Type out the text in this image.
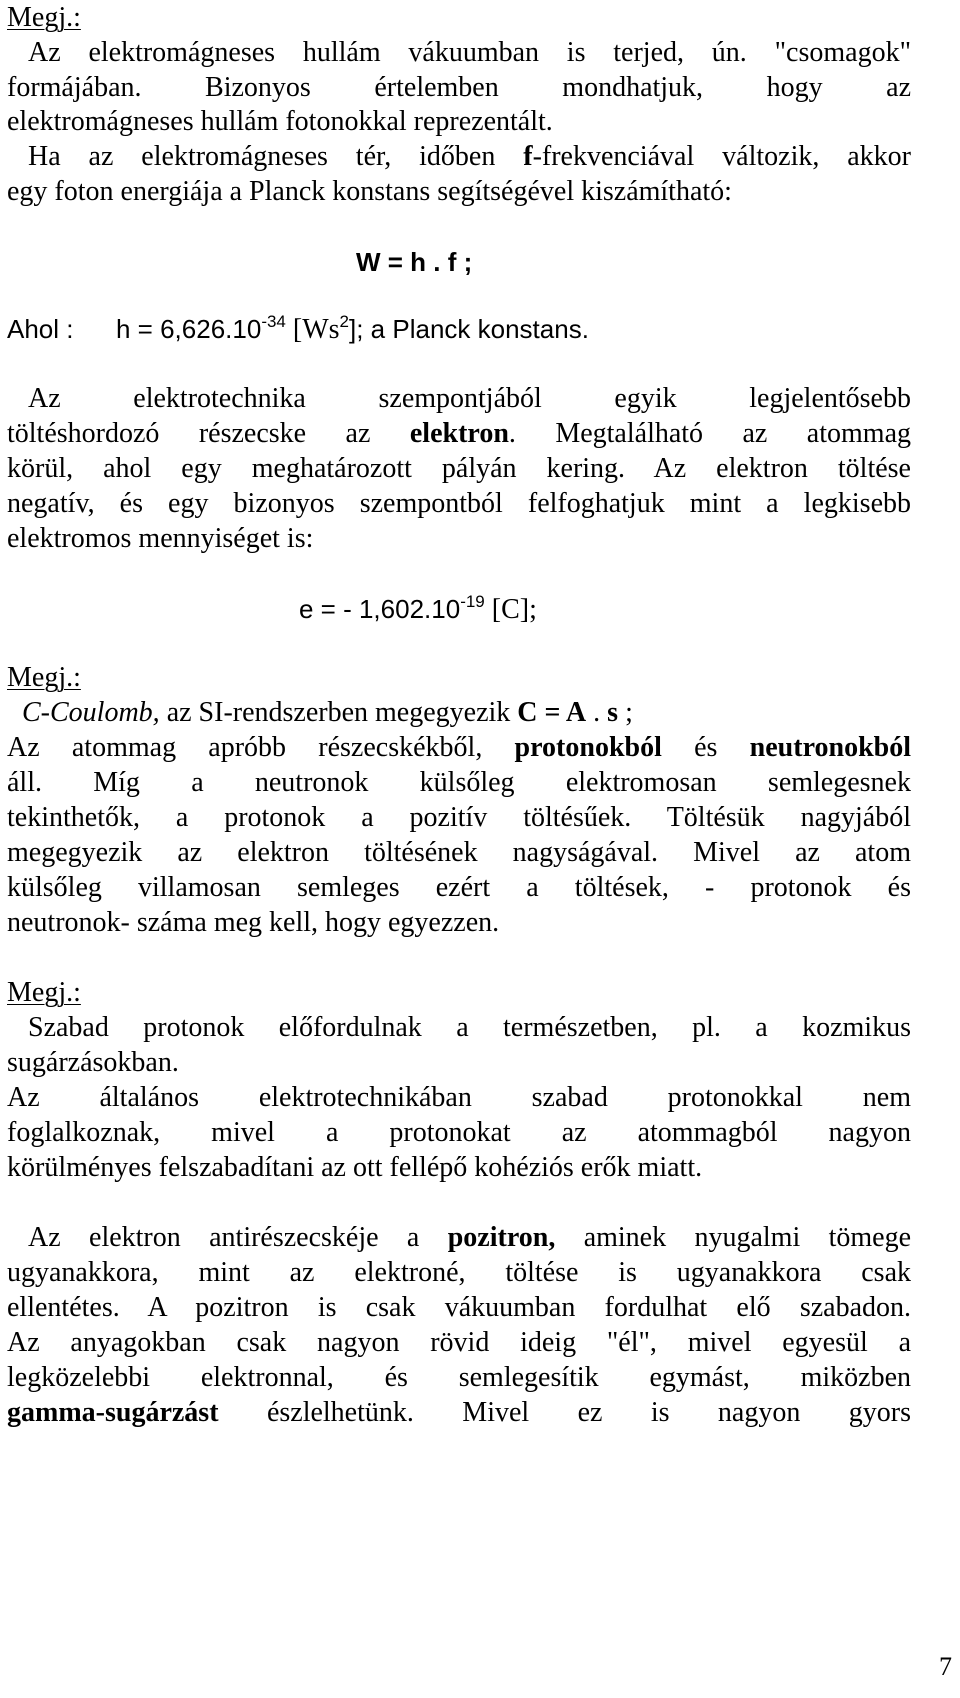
Megj.:
Az elektromágneses hullám vákuumban is terjed, ún. "csomagok"
formájában. Bizonyos értelemben mondhatjuk, hogy az
elektromágneses hullám fotonokkal reprezentált.
Ha az elektromágneses tér, időben f-frekvenciával változik, akkor
egy foton energiája a Planck konstans segítségével kiszámítható:
W = h . f ;
Ahol : $h = 6,626.10^{-34}$ [Ws$^2$]; a Planck konstans.
Az elektrotechnika szempontjából egyik legjelentősebb
töltéshordozó részecske az elektron. Megtalálható az atommag
körül, ahol egy meghatározott pályán kering. Az elektron töltése
negatív, és egy bizonyos szempontból felfoghatjuk mint a legkisebb
elektromos mennyiséget is:
e = - $1,602.10^{-19}$ [C];
Megj.:
C-Coulomb, az SI-rendszerben megegyezik C = A . s ;
Az atommag apróbb részecskékből, protonokból és neutronokból
áll. Míg a neutronok külsőleg elektromosan semlegesnek
tekinthetők, a protonok a pozitív töltésűek. Töltésük nagyjából
megegyezik az elektron töltésének nagyságával. Mivel az atom
külsőleg villamosan semleges ezért a töltések, - protonok és
neutronok- száma meg kell, hogy egyezzen.
Megj.:
Szabad protonok előfordulnak a természetben, pl. a kozmikus
sugárzásokban.
Az általános elektrotechnikában szabad protonokkal nem
foglalkoznak, mivel a protonokat az atommagból nagyon
körülményes felszabadítani az ott fellépő kohéziós erők miatt.
Az elektron antirészecskéje a pozitron, aminek nyugalmi tömege
ugyanakkora, mint az elektroné, töltése is ugyanakkora csak
ellentétes. A pozitron is csak vákuumban fordulhat elő szabadon.
Az anyagokban csak nagyon rövid ideig "él", mivel egyesül a
legközelebbi elektronnal, és semlegesítik egymást, miközben
gamma-sugárzást észlelhetünk. Mivel ez is nagyon gyors
7
